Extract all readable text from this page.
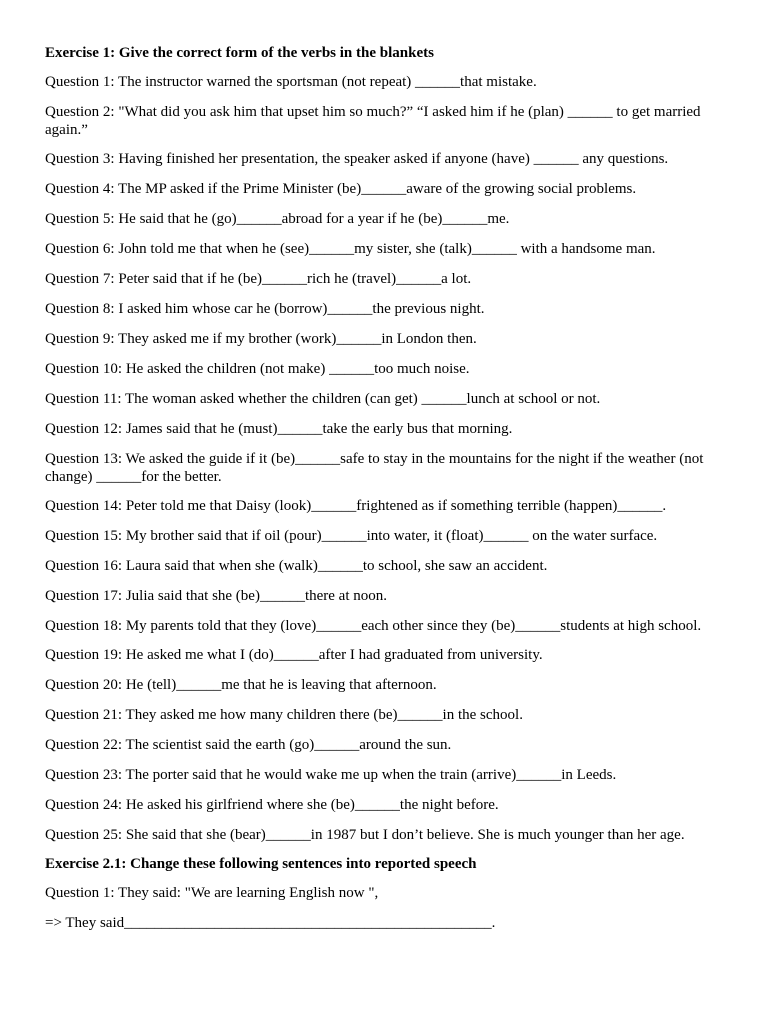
Exercise 1: Give the correct form of the verbs in the blankets

Question 1: The instructor warned the sportsman (not repeat) ______that mistake.

Question 2: "What did you ask him that upset him so much?” “I asked him if he (plan) ______ to get married again.”

Question 3: Having finished her presentation, the speaker asked if anyone (have) ______ any questions.

Question 4: The MP asked if the Prime Minister (be)______aware of the growing social problems.

Question 5: He said that he (go)______abroad for a year if he (be)______me.

Question 6: John told me that when he (see)______my sister, she (talk)______ with a handsome man.

Question 7: Peter said that if he (be)______rich he (travel)______a lot.

Question 8: I asked him whose car he (borrow)______the previous night.

Question 9: They asked me if my brother (work)______in London then.

Question 10: He asked the children (not make) ______too much noise.

Question 11: The woman asked whether the children (can get) ______lunch at school or not.

Question 12: James said that he (must)______take the early bus that morning.

Question 13: We asked the guide if it (be)______safe to stay in the mountains for the night if the weather (not change) ______for the better.

Question 14: Peter told me that Daisy (look)______frightened as if something terrible (happen)______.

Question 15: My brother said that if oil (pour)______into water, it (float)______ on the water surface.

Question 16: Laura said that when she (walk)______to school, she saw an accident.

Question 17: Julia said that she (be)______there at noon.

Question 18: My parents told that they (love)______each other since they (be)______students at high school.

Question 19: He asked me what I (do)______after I had graduated from university.

Question 20: He (tell)______me that he is leaving that afternoon.

Question 21: They asked me how many children there (be)______in the school.

Question 22: The scientist said the earth (go)______around the sun.

Question 23: The porter said that he would wake me up when the train (arrive)______in Leeds.

Question 24: He asked his girlfriend where she (be)______the night before.

Question 25: She said that she (bear)______in 1987 but I don’t believe. She is much younger than her age.

Exercise 2.1: Change these following sentences into reported speech

Question 1: They said: "We are learning English now ",

=> They said_________________________________________________.
